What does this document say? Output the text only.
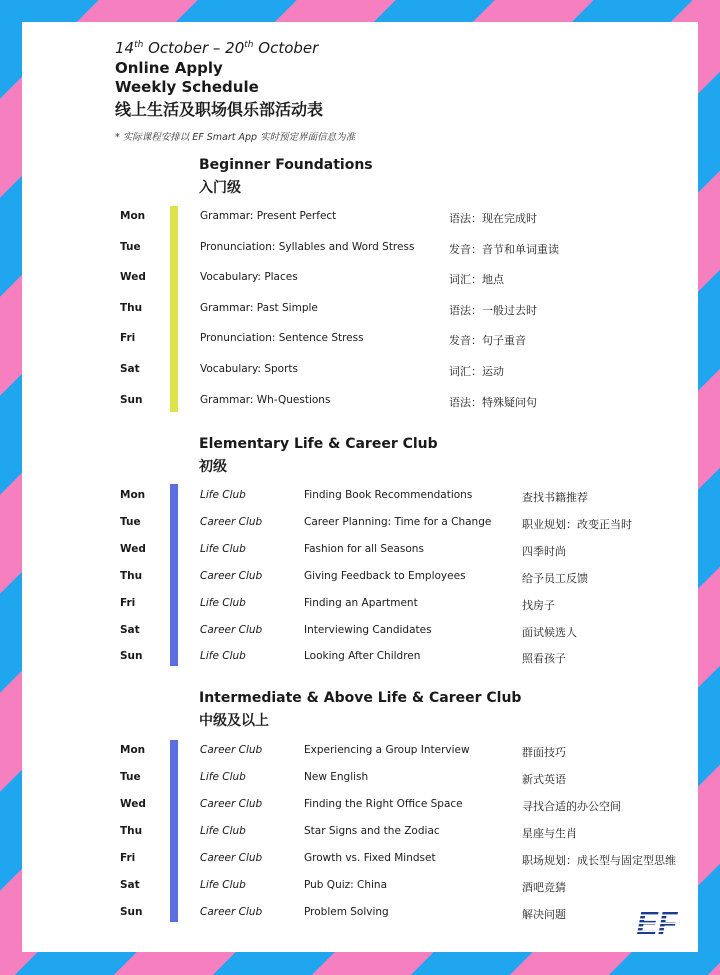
14th October – 20th October
Online Apply
Weekly Schedule
线上生活及职场俱乐部活动表
* 实际课程安排以 EF Smart App 实时预定界面信息为准
Beginner Foundations
入门级
Mon	Grammar: Present Perfect	语法：现在完成时
Tue	Pronunciation: Syllables and Word Stress	发音：音节和单词重读
Wed	Vocabulary: Places	词汇：地点
Thu	Grammar: Past Simple	语法：一般过去时
Fri	Pronunciation: Sentence Stress	发音：句子重音
Sat	Vocabulary: Sports	词汇：运动
Sun	Grammar: Wh-Questions	语法：特殊疑问句
Elementary Life & Career Club
初级
Mon	Life Club	Finding Book Recommendations	查找书籍推荐
Tue	Career Club	Career Planning: Time for a Change	职业规划：改变正当时
Wed	Life Club	Fashion for all Seasons	四季时尚
Thu	Career Club	Giving Feedback to Employees	给予员工反馈
Fri	Life Club	Finding an Apartment	找房子
Sat	Career Club	Interviewing Candidates	面试候选人
Sun	Life Club	Looking After Children	照看孩子
Intermediate & Above Life & Career Club
中级及以上
Mon	Career Club	Experiencing a Group Interview	群面技巧
Tue	Life Club	New English	新式英语
Wed	Career Club	Finding the Right Office Space	寻找合适的办公空间
Thu	Life Club	Star Signs and the Zodiac	星座与生肖
Fri	Career Club	Growth vs. Fixed Mindset	职场规划：成长型与固定型思维
Sat	Life Club	Pub Quiz: China	酒吧竞猜
Sun	Career Club	Problem Solving	解决问题 EF
